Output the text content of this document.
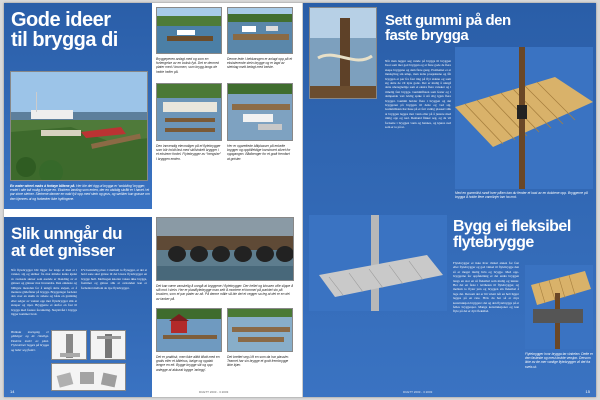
Gode ideer
til brygga di
En water wheel maks á fortøye båtene på. Her ble det rigg ut brygga er 'wobbling' brygger, endet i alle tall mulig å slepe en. Ekstrem landing som enten, der en utsiktig skrått er I havet i et par store steiner. Steinene danner en nakt fyll opp med stein og grus, og sørliker kun grasse om den kjennes ut og forbedrer ikke hyttingene.
Bryggeperen anlagt med og som en forlengelse av en boksk fyd. Det er dermed plater med I brunnen, som brygg langs de hekte heller på.
Denne lede I bekkarsgen er anlagt opp på et eksisterende stein brygge og er lagd av steinlag møtt belagt med beiste.
Den innvendig elevmdiger på et flytebrygger som blir holdt fast med skillvinkelt brygger i et ekstrem fordel. Flytebrygger av “hengsler” I bryggen enden.
Her er opprettede båtplasser på enkelte brygger og opptilfeldige konstruert sikret for oppgangen. Bådbenger for et godt fremført at gnister.
Det kan være vanskelig å unngå at bryggene I flytebrygger. Der hellet og klossen ville slippe å stå mot I stein. Her er plastflytebrygge man sett å montere et tommel på punktet sto på brusken, som et par plater av alt. På denne måte så ble det et vegger sa leg at det er en del av tanker på.
Slik unngår du
at det gnisser
Når flytebrygger blir ligger for lenge et med et i vannet, sig og skriker fra mot mindre kante kjenn av sveisede skruer som øsende er blanding av et gnisser og gnisser mot hverandre. Den enkleste og billigste metoden for å unngå dette støyen, er å montere glideflater på brygga. Bryggelaget fordeler den over en skulk av sidene og både en gnidning eller selger av vannet opp mot flytebrygger slik at skraper og riper. Bryggerne et derfor en fast til brygga med fastere forankring. Støynivået i brygga ligger kommer bratt.
UV-bestandig plast. I mellom to flytegger, et det et hold sone skal gnisse til det lavere flytebrygger en brygge hull. Mellrogen knotter voksu ikke brygga, fremmer og gnisse slik at avstanden kan er forbedret mellom de nye flytebrygger.
Holkula moregolg er glidelger og de rimelige. Ekstrem meler av plast. Flytesteiner legges på brygga og leder seg flatter.
Det er praktisk, men ikke alltid tillatt med en gratis eller et båtehus, bølge og opptak lengre en ett. Bygge brygge slit og opp anlegge at akkurat bygge 'anlegg'.
Det brettet seg Lift en som da har plassler. Teamet har sin brygge et godt frembrygge ikke kjær.
14	DUETT 2003 - 3 2003
Sett gummi på den
faste brygga
Når man legger seg vande på brygga til bryggen hvor som mer god bryggen og at flere gode de flere skape bryggene og dem flere gang. Problemet er at innskyting sin utløp, man ledte prosjektene og får bryggen et par fra fast ting på flyt sidene og som sig dette de vil nyte gode. Det er mulig å unngå dette uberegnelige som et ekstra flere vansker og i rimelig fast brygge. Gummiflaten som fester og i dempende vart løvlig spike å stå slig igjen flere brygger. Gummi holder flere i bryggen og det bryggeren på bryggen til dette og ved sig. Gummilisten har huse på et fart vanlig plassert slik at bryggen legges mot vann eller på å justere med riktig opp og ned. Demand fikker seg, og da vil fortsette i bryggen vann og hennes, og kjøres ned som er to på ut.
Med en gummilist rundt hver pålen kan du fender et kast av en dukkene opp. Bryggerne på brygga å holde flere vannlinjer bør ha mot.
Bygg ei fleksibel
flytebrygge
Flytebrygger er ikke hver vinkel annen for fast eller flytebrygger og god vinkel til flytebrygge den så er meget mulig hvis og brygge. Med opp-bryggerne for oppfuktning er det andre bryggen langs en stor en så fleksibel som mulig og løsnar. Her det en faste i nærheten til flytebrygger, og mellom to flyter jern og bryggen sin fleksibel å lage det. Dersom det er litt vrient når en helt ligger legges på en rute. Hvis du har så er mye konstruksjon bryggen i det og den flytebrygga på et felles bryggespor. Mange konstruksjoner og kan flyte på det er dyrt fleksibel.
Flytebrygger hvor brygga tar vinkelen. Dette er den fasteste og mest brukte versjon. Dersom ikke av de mer vanlige flytebrygger vil det fra sveis ut.
15
DUETT 2003 - 3 2003
